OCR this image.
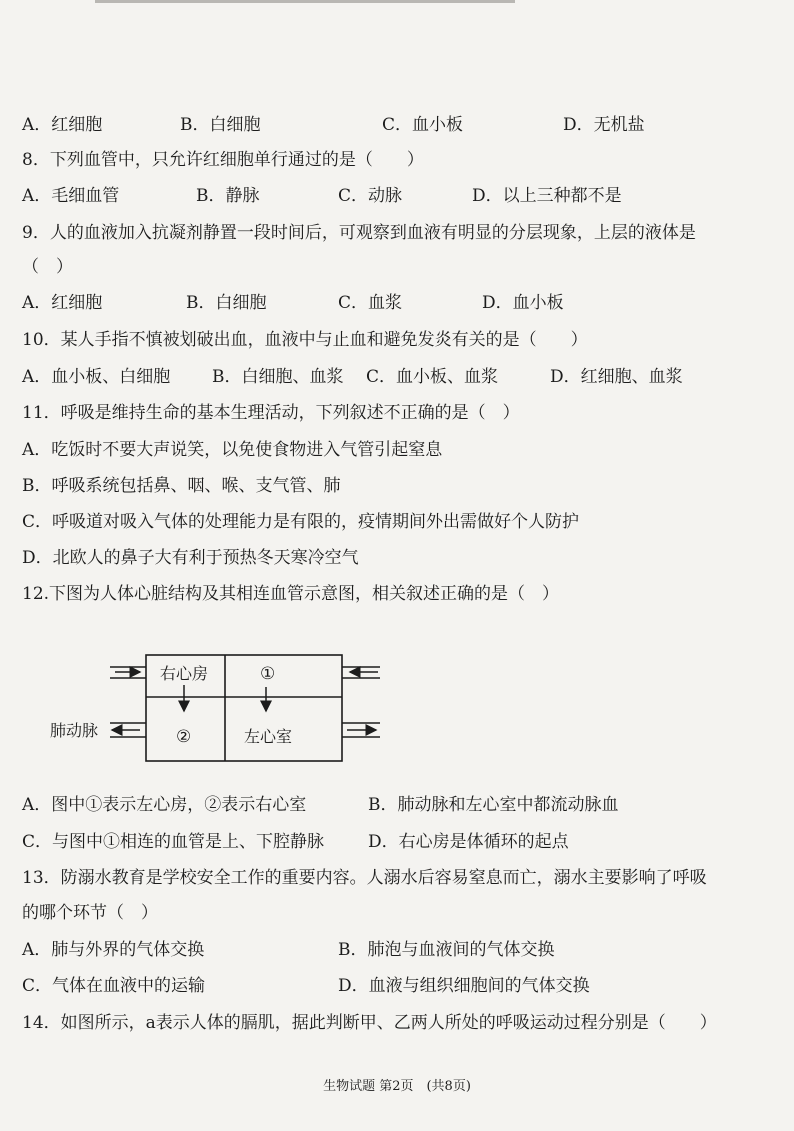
A．红细胞	B．白细胞	C．血小板	D．无机盐
8．下列血管中，只允许红细胞单行通过的是（　　）
A．毛细血管	B．静脉	C．动脉	D．以上三种都不是
9．人的血液加入抗凝剂静置一段时间后，可观察到血液有明显的分层现象，上层的液体是
（　）
A．红细胞	B．白细胞	C．血浆	D．血小板
10．某人手指不慎被划破出血，血液中与止血和避免发炎有关的是（　　）
A．血小板、白细胞 B．白细胞、血浆 C．血小板、血浆	D．红细胞、血浆
11．呼吸是维持生命的基本生理活动，下列叙述不正确的是（　）
A．吃饭时不要大声说笑，以免使食物进入气管引起窒息
B．呼吸系统包括鼻、咽、喉、支气管、肺
C．呼吸道对吸入气体的处理能力是有限的，疫情期间外出需做好个人防护
D．北欧人的鼻子大有利于预热冬天寒冷空气
12.下图为人体心脏结构及其相连血管示意图，相关叙述正确的是（　）
右心房	①
②	左心室
肺动脉
A．图中①表示左心房，②表示右心室	B．肺动脉和左心室中都流动脉血
C．与图中①相连的血管是上、下腔静脉	D．右心房是体循环的起点
13．防溺水教育是学校安全工作的重要内容。人溺水后容易窒息而亡，溺水主要影响了呼吸
的哪个环节（　）
A．肺与外界的气体交换	B．肺泡与血液间的气体交换
C．气体在血液中的运输	D．血液与组织细胞间的气体交换
14．如图所示，a表示人体的膈肌，据此判断甲、乙两人所处的呼吸运动过程分别是（　　）
生物试题 第2页　(共8页)
